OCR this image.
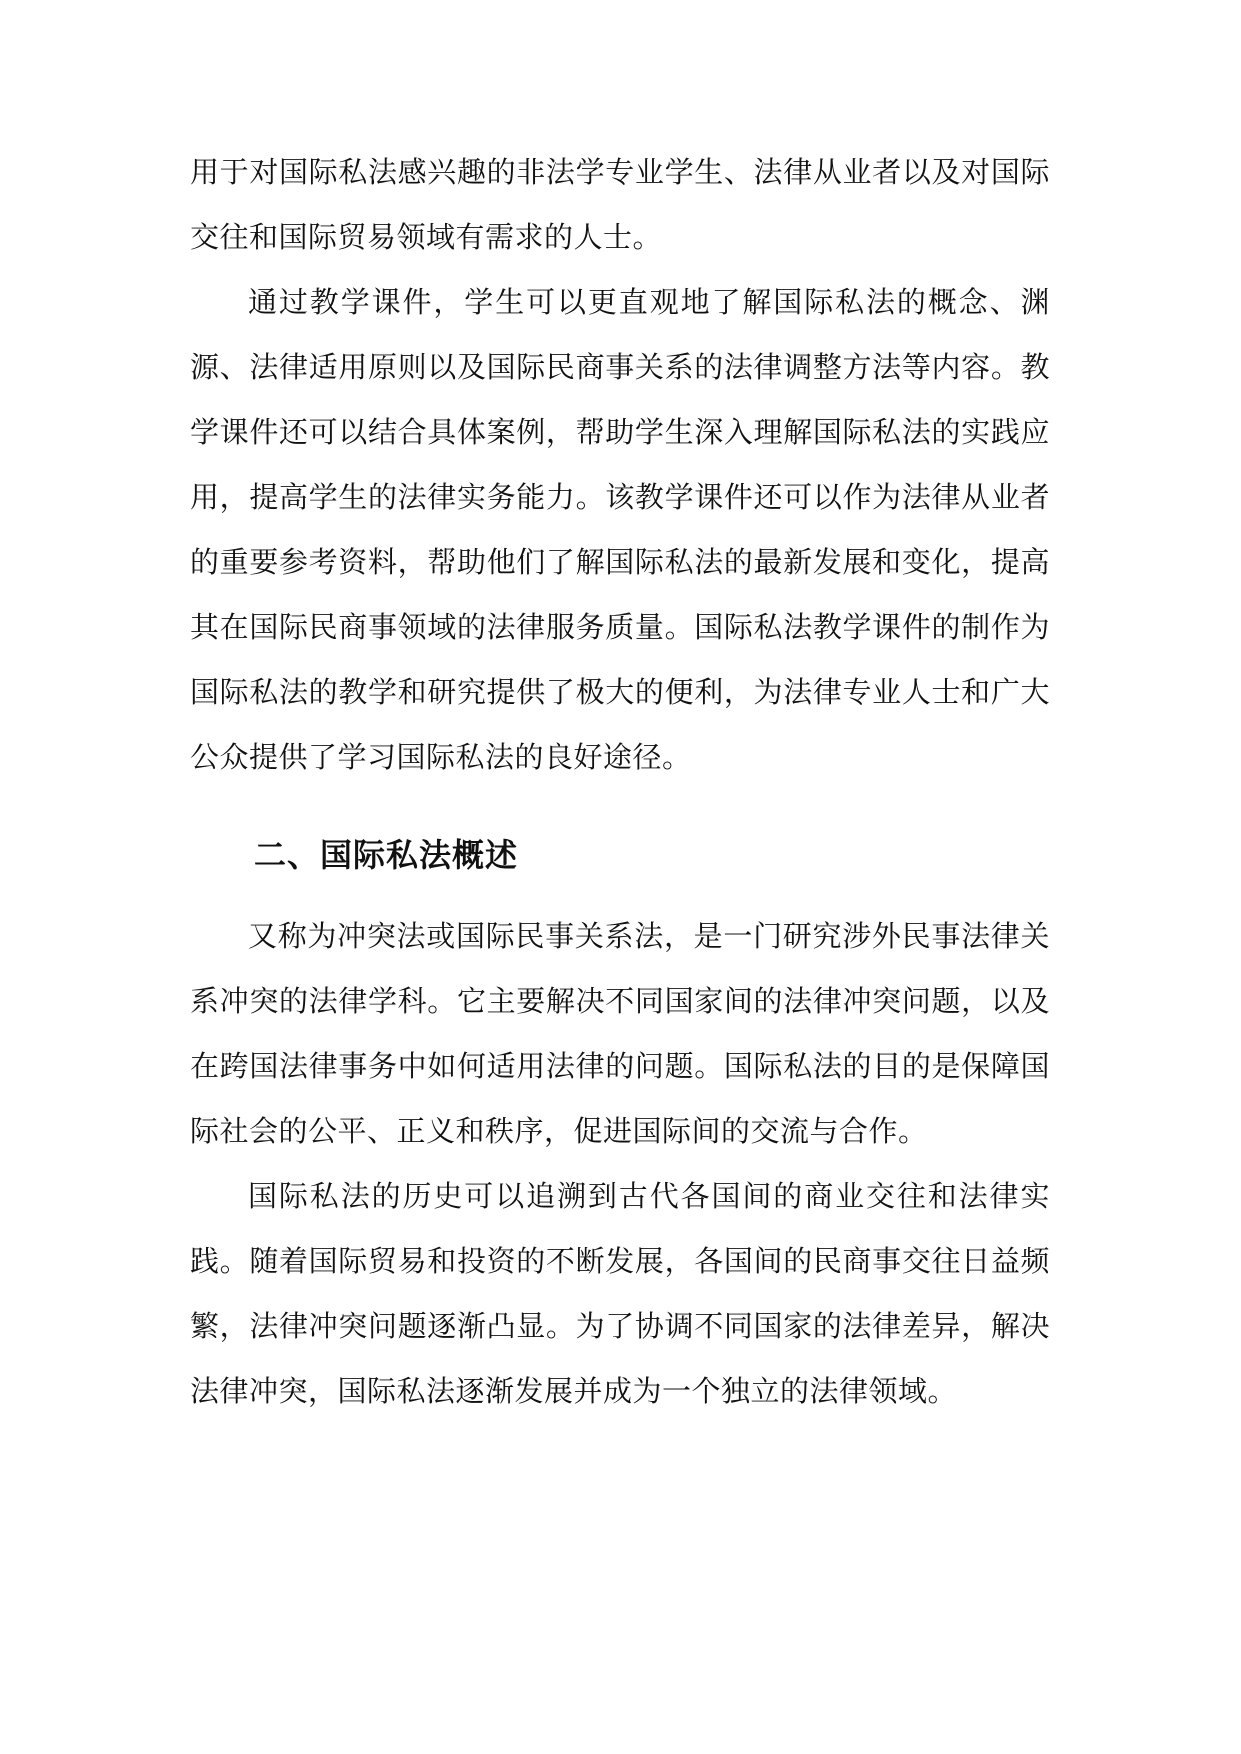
用于对国际私法感兴趣的非法学专业学生、法律从业者以及对国际交往和国际贸易领域有需求的人士。

通过教学课件，学生可以更直观地了解国际私法的概念、渊源、法律适用原则以及国际民商事关系的法律调整方法等内容。教学课件还可以结合具体案例，帮助学生深入理解国际私法的实践应用，提高学生的法律实务能力。该教学课件还可以作为法律从业者的重要参考资料，帮助他们了解国际私法的最新发展和变化，提高其在国际民商事领域的法律服务质量。国际私法教学课件的制作为国际私法的教学和研究提供了极大的便利，为法律专业人士和广大公众提供了学习国际私法的良好途径。

二、国际私法概述

又称为冲突法或国际民事关系法，是一门研究涉外民事法律关系冲突的法律学科。它主要解决不同国家间的法律冲突问题，以及在跨国法律事务中如何适用法律的问题。国际私法的目的是保障国际社会的公平、正义和秩序，促进国际间的交流与合作。

国际私法的历史可以追溯到古代各国间的商业交往和法律实践。随着国际贸易和投资的不断发展，各国间的民商事交往日益频繁，法律冲突问题逐渐凸显。为了协调不同国家的法律差异，解决法律冲突，国际私法逐渐发展并成为一个独立的法律领域。
